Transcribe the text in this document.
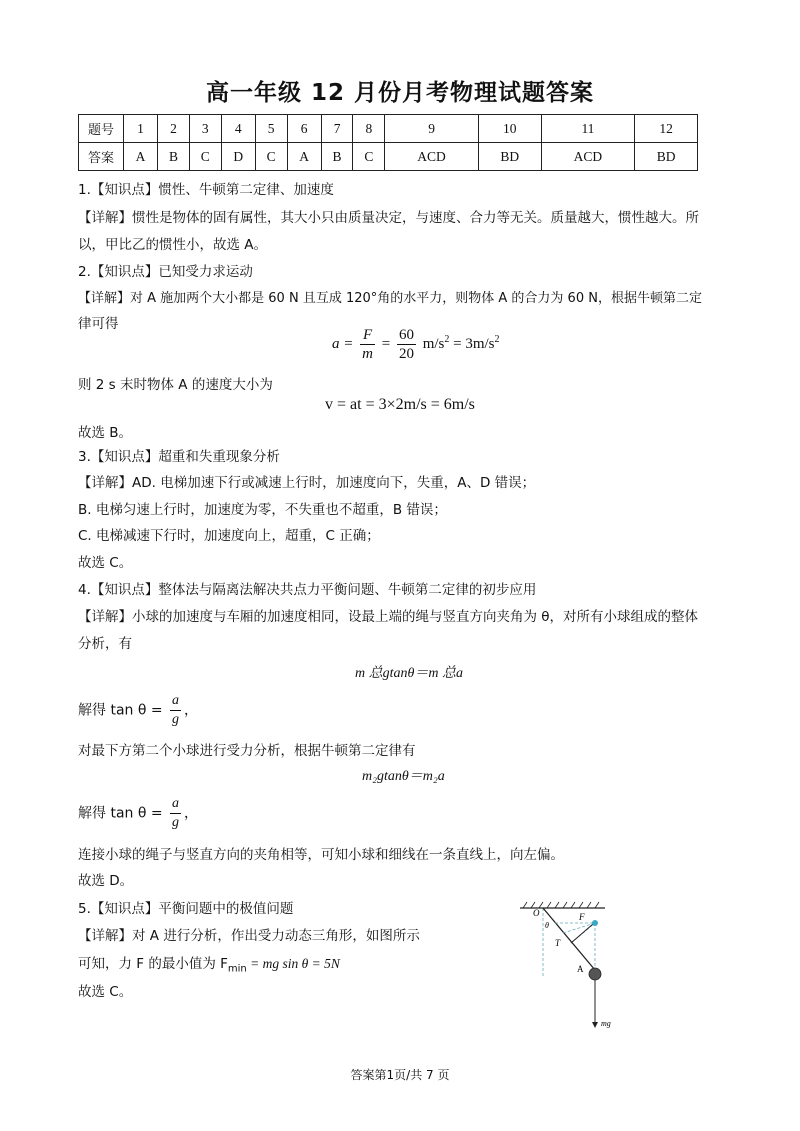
高一年级 12 月份月考物理试题答案
题号	1	2	3	4	5	6	7	8	9	10	11	12
答案	A	B	C	D	C	A	B	C	ACD	BD	ACD	BD
1.【知识点】惯性、牛顿第二定律、加速度
【详解】惯性是物体的固有属性，其大小只由质量决定，与速度、合力等无关。质量越大，惯性越大。所
以，甲比乙的惯性小，故选 A。
2.【知识点】已知受力求运动
【详解】对 A 施加两个大小都是 60 N 且互成 120°角的水平力，则物体 A 的合力为 60 N，根据牛顿第二定
律可得
$a = \frac{F}{m} = \frac{60}{20} m/s^2 = 3m/s^2$
则 2 s 末时物体 A 的速度大小为
v = at = 3×2m/s = 6m/s
故选 B。
3.【知识点】超重和失重现象分析
【详解】AD. 电梯加速下行或减速上行时，加速度向下，失重，A、D 错误；
B. 电梯匀速上行时，加速度为零，不失重也不超重，B 错误；
C. 电梯减速下行时，加速度向上，超重，C 正确；
故选 C。
4.【知识点】整体法与隔离法解决共点力平衡问题、牛顿第二定律的初步应用
【详解】小球的加速度与车厢的加速度相同，设最上端的绳与竖直方向夹角为 θ，对所有小球组成的整体
分析，有
m 总gtanθ＝m 总a
解得 $\tan \theta = \frac{a}{g}$ ，
对最下方第二个小球进行受力分析，根据牛顿第二定律有
m₂gtanθ＝m₂a
解得 $\tan \theta = \frac{a}{g}$ ，
连接小球的绳子与竖直方向的夹角相等，可知小球和细线在一条直线上，向左偏。
故选 D。
5.【知识点】平衡问题中的极值问题
【详解】对 A 进行分析，作出受力动态三角形，如图所示
可知，力 F 的最小值为 $F_{min}$ = mg sin θ = 5N
故选 C。
O
θ
F
T
A
mg
答案第1页/共 7 页
